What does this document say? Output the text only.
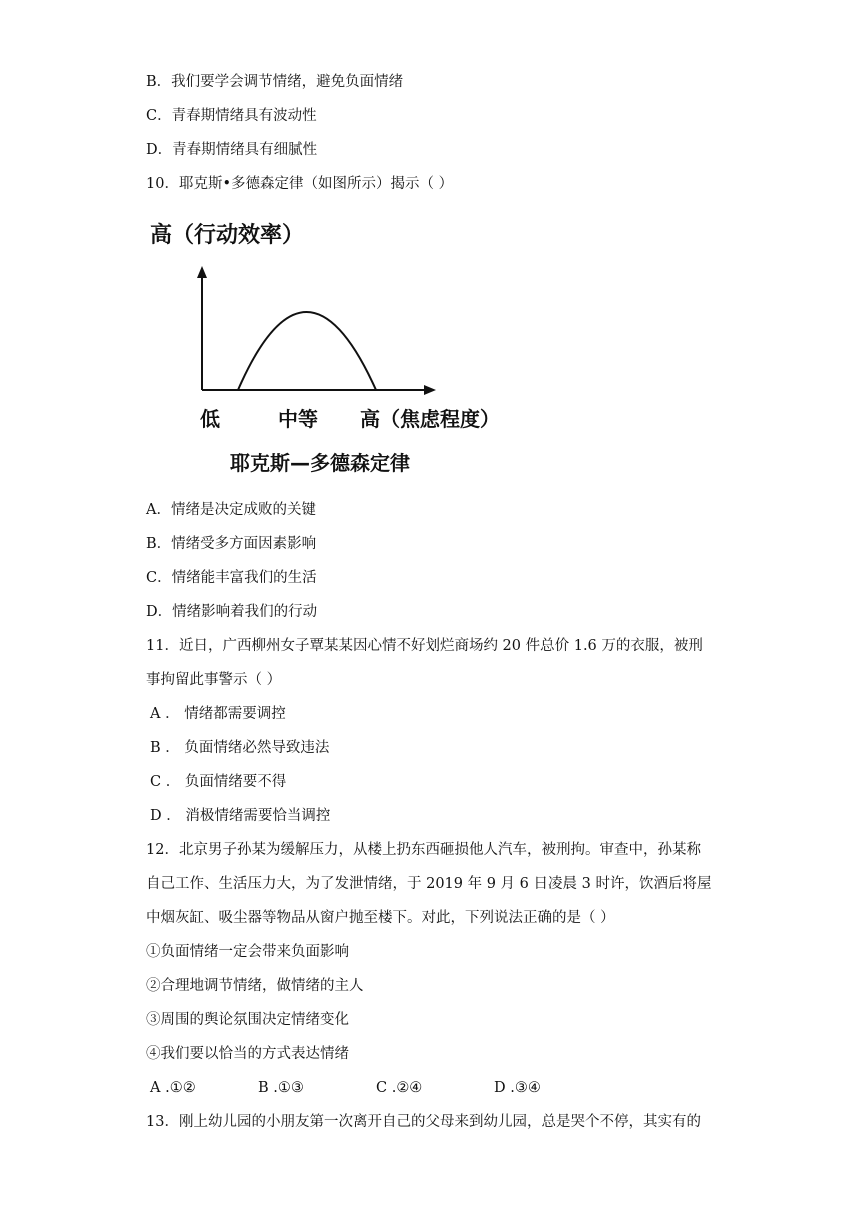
B．我们要学会调节情绪，避免负面情绪
C．青春期情绪具有波动性
D．青春期情绪具有细腻性
10．耶克斯•多德森定律（如图所示）揭示（ ）
高（行动效率）
低	中等 高（焦虑程度）
耶克斯—多德森定律
A．情绪是决定成败的关键
B．情绪受多方面因素影响
C．情绪能丰富我们的生活
D．情绪影响着我们的行动
11．近日，广西柳州女子覃某某因心情不好划烂商场约 20 件总价 1.6 万的衣服，被刑
事拘留此事警示（ ）
A ． 情绪都需要调控
B ． 负面情绪必然导致违法
C ． 负面情绪要不得
D ． 消极情绪需要恰当调控
12．北京男子孙某为缓解压力，从楼上扔东西砸损他人汽车，被刑拘。审查中，孙某称
自己工作、生活压力大，为了发泄情绪，于 2019 年 9 月 6 日凌晨 3 时许，饮酒后将屋
中烟灰缸、吸尘器等物品从窗户抛至楼下。对此，下列说法正确的是（ ）
①负面情绪一定会带来负面影响
②合理地调节情绪，做情绪的主人
③周围的舆论氛围决定情绪变化
④我们要以恰当的方式表达情绪
A .①②	B .①③	C .②④	D .③④
13．刚上幼儿园的小朋友第一次离开自己的父母来到幼儿园，总是哭个不停，其实有的
